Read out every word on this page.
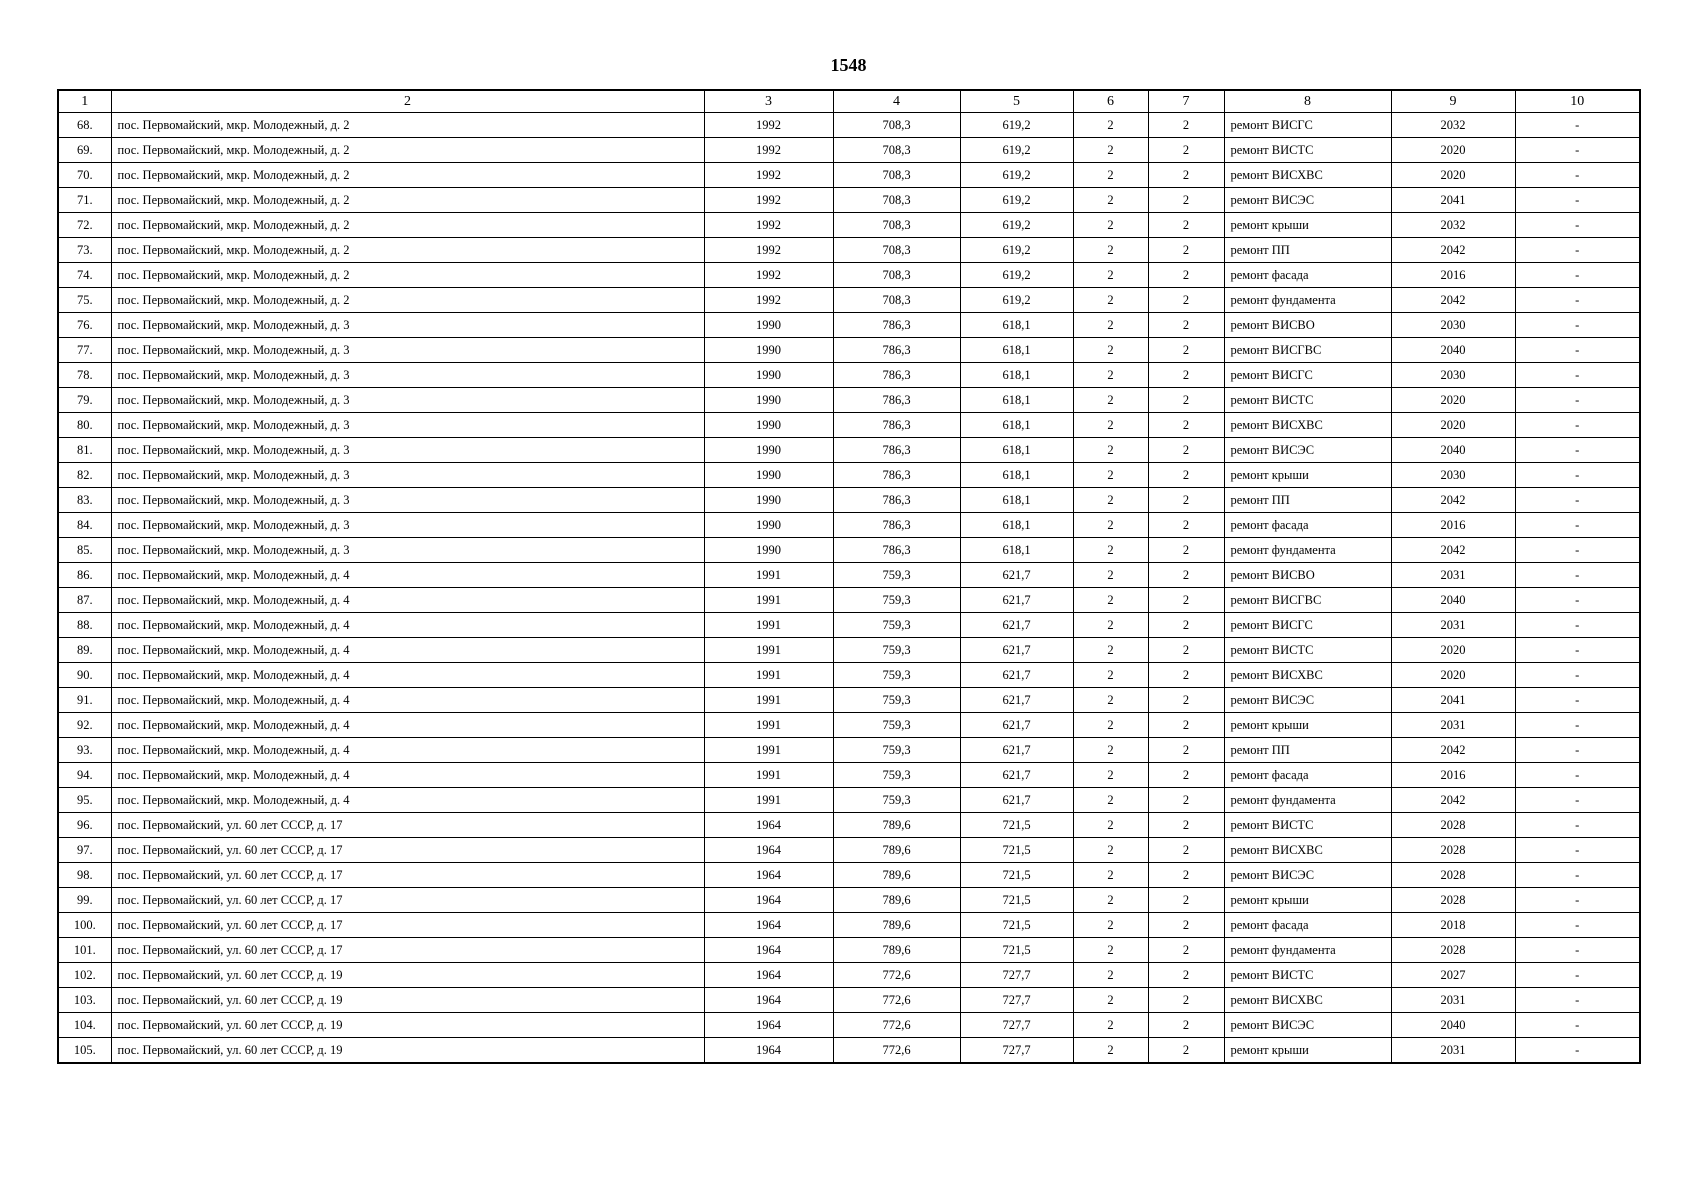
1548
1	2	3	4	5	6	7	8	9	10
68.	пос. Первомайский, мкр. Молодежный, д. 2	1992	708,3	619,2	2	2	ремонт ВИСГС	2032	-
69.	пос. Первомайский, мкр. Молодежный, д. 2	1992	708,3	619,2	2	2	ремонт ВИСТС	2020	-
70.	пос. Первомайский, мкр. Молодежный, д. 2	1992	708,3	619,2	2	2	ремонт ВИСХВС	2020	-
71.	пос. Первомайский, мкр. Молодежный, д. 2	1992	708,3	619,2	2	2	ремонт ВИСЭС	2041	-
72.	пос. Первомайский, мкр. Молодежный, д. 2	1992	708,3	619,2	2	2	ремонт крыши	2032	-
73.	пос. Первомайский, мкр. Молодежный, д. 2	1992	708,3	619,2	2	2	ремонт ПП	2042	-
74.	пос. Первомайский, мкр. Молодежный, д. 2	1992	708,3	619,2	2	2	ремонт фасада	2016	-
75.	пос. Первомайский, мкр. Молодежный, д. 2	1992	708,3	619,2	2	2	ремонт фундамента	2042	-
76.	пос. Первомайский, мкр. Молодежный, д. 3	1990	786,3	618,1	2	2	ремонт ВИСВО	2030	-
77.	пос. Первомайский, мкр. Молодежный, д. 3	1990	786,3	618,1	2	2	ремонт ВИСГВС	2040	-
78.	пос. Первомайский, мкр. Молодежный, д. 3	1990	786,3	618,1	2	2	ремонт ВИСГС	2030	-
79.	пос. Первомайский, мкр. Молодежный, д. 3	1990	786,3	618,1	2	2	ремонт ВИСТС	2020	-
80.	пос. Первомайский, мкр. Молодежный, д. 3	1990	786,3	618,1	2	2	ремонт ВИСХВС	2020	-
81.	пос. Первомайский, мкр. Молодежный, д. 3	1990	786,3	618,1	2	2	ремонт ВИСЭС	2040	-
82.	пос. Первомайский, мкр. Молодежный, д. 3	1990	786,3	618,1	2	2	ремонт крыши	2030	-
83.	пос. Первомайский, мкр. Молодежный, д. 3	1990	786,3	618,1	2	2	ремонт ПП	2042	-
84.	пос. Первомайский, мкр. Молодежный, д. 3	1990	786,3	618,1	2	2	ремонт фасада	2016	-
85.	пос. Первомайский, мкр. Молодежный, д. 3	1990	786,3	618,1	2	2	ремонт фундамента	2042	-
86.	пос. Первомайский, мкр. Молодежный, д. 4	1991	759,3	621,7	2	2	ремонт ВИСВО	2031	-
87.	пос. Первомайский, мкр. Молодежный, д. 4	1991	759,3	621,7	2	2	ремонт ВИСГВС	2040	-
88.	пос. Первомайский, мкр. Молодежный, д. 4	1991	759,3	621,7	2	2	ремонт ВИСГС	2031	-
89.	пос. Первомайский, мкр. Молодежный, д. 4	1991	759,3	621,7	2	2	ремонт ВИСТС	2020	-
90.	пос. Первомайский, мкр. Молодежный, д. 4	1991	759,3	621,7	2	2	ремонт ВИСХВС	2020	-
91.	пос. Первомайский, мкр. Молодежный, д. 4	1991	759,3	621,7	2	2	ремонт ВИСЭС	2041	-
92.	пос. Первомайский, мкр. Молодежный, д. 4	1991	759,3	621,7	2	2	ремонт крыши	2031	-
93.	пос. Первомайский, мкр. Молодежный, д. 4	1991	759,3	621,7	2	2	ремонт ПП	2042	-
94.	пос. Первомайский, мкр. Молодежный, д. 4	1991	759,3	621,7	2	2	ремонт фасада	2016	-
95.	пос. Первомайский, мкр. Молодежный, д. 4	1991	759,3	621,7	2	2	ремонт фундамента	2042	-
96.	пос. Первомайский, ул. 60 лет СССР, д. 17	1964	789,6	721,5	2	2	ремонт ВИСТС	2028	-
97.	пос. Первомайский, ул. 60 лет СССР, д. 17	1964	789,6	721,5	2	2	ремонт ВИСХВС	2028	-
98.	пос. Первомайский, ул. 60 лет СССР, д. 17	1964	789,6	721,5	2	2	ремонт ВИСЭС	2028	-
99.	пос. Первомайский, ул. 60 лет СССР, д. 17	1964	789,6	721,5	2	2	ремонт крыши	2028	-
100.	пос. Первомайский, ул. 60 лет СССР, д. 17	1964	789,6	721,5	2	2	ремонт фасада	2018	-
101.	пос. Первомайский, ул. 60 лет СССР, д. 17	1964	789,6	721,5	2	2	ремонт фундамента	2028	-
102.	пос. Первомайский, ул. 60 лет СССР, д. 19	1964	772,6	727,7	2	2	ремонт ВИСТС	2027	-
103.	пос. Первомайский, ул. 60 лет СССР, д. 19	1964	772,6	727,7	2	2	ремонт ВИСХВС	2031	-
104.	пос. Первомайский, ул. 60 лет СССР, д. 19	1964	772,6	727,7	2	2	ремонт ВИСЭС	2040	-
105.	пос. Первомайский, ул. 60 лет СССР, д. 19	1964	772,6	727,7	2	2	ремонт крыши	2031	-
